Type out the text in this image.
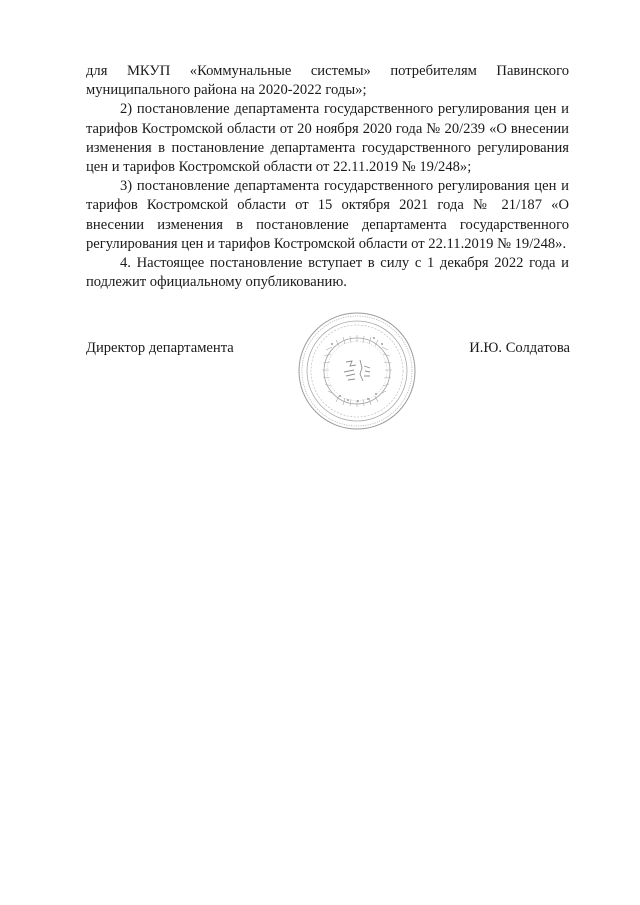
для МКУП «Коммунальные системы» потребителям Павинского муниципального района на 2020-2022 годы»;

2) постановление департамента государственного регулирования цен и тарифов Костромской области от 20 ноября 2020 года № 20/239 «О внесении изменения в постановление департамента государственного регулирования цен и тарифов Костромской области от 22.11.2019 № 19/248»;

3) постановление департамента государственного регулирования цен и тарифов Костромской области от 15 октября 2021 года № 21/187 «О внесении изменения в постановление департамента государственного регулирования цен и тарифов Костромской области от 22.11.2019 № 19/248».

4. Настоящее постановление вступает в силу с 1 декабря 2022 года и подлежит официальному опубликованию.

Директор департамента	И.Ю. Солдатова
